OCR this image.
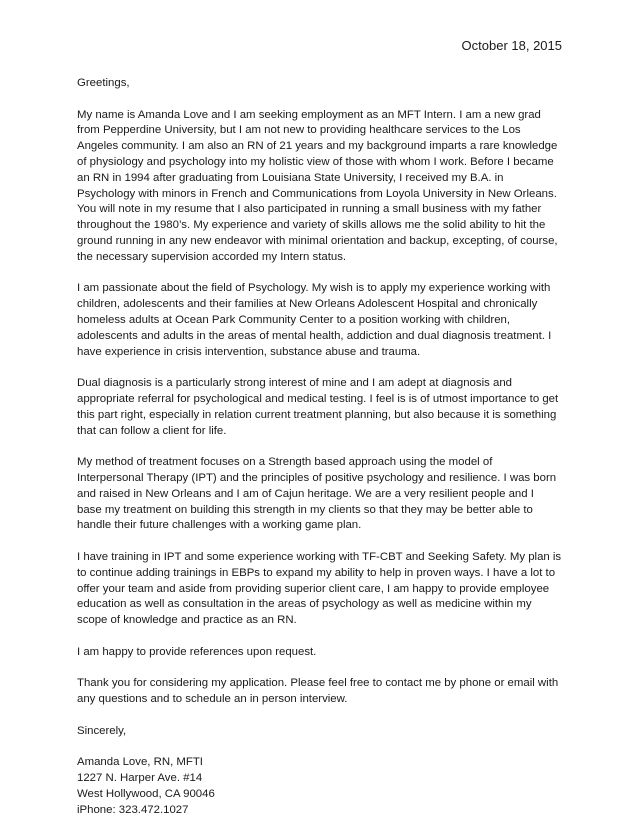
October 18, 2015

Greetings,

My name is Amanda Love and I am seeking employment as an MFT Intern. I am a new grad
from Pepperdine University, but I am not new to providing healthcare services to the Los
Angeles community. I am also an RN of 21 years and my background imparts a rare knowledge
of physiology and psychology into my holistic view of those with whom I work. Before I became
an RN in 1994 after graduating from Louisiana State University, I received my B.A. in
Psychology with minors in French and Communications from Loyola University in New Orleans.
You will note in my resume that I also participated in running a small business with my father
throughout the 1980’s. My experience and variety of skills allows me the solid ability to hit the
ground running in any new endeavor with minimal orientation and backup, excepting, of course,
the necessary supervision accorded my Intern status.

I am passionate about the field of Psychology. My wish is to apply my experience working with
children, adolescents and their families at New Orleans Adolescent Hospital and chronically
homeless adults at Ocean Park Community Center to a position working with children,
adolescents and adults in the areas of mental health, addiction and dual diagnosis treatment. I
have experience in crisis intervention, substance abuse and trauma.

Dual diagnosis is a particularly strong interest of mine and I am adept at diagnosis and
appropriate referral for psychological and medical testing. I feel is is of utmost importance to get
this part right, especially in relation current treatment planning, but also because it is something
that can follow a client for life.

My method of treatment focuses on a Strength based approach using the model of
Interpersonal Therapy (IPT) and the principles of positive psychology and resilience. I was born
and raised in New Orleans and I am of Cajun heritage. We are a very resilient people and I
base my treatment on building this strength in my clients so that they may be better able to
handle their future challenges with a working game plan.

I have training in IPT and some experience working with TF-CBT and Seeking Safety. My plan is
to continue adding trainings in EBPs to expand my ability to help in proven ways. I have a lot to
offer your team and aside from providing superior client care, I am happy to provide employee
education as well as consultation in the areas of psychology as well as medicine within my
scope of knowledge and practice as an RN.

I am happy to provide references upon request.

Thank you for considering my application. Please feel free to contact me by phone or email with
any questions and to schedule an in person interview.

Sincerely,

Amanda Love, RN, MFTI
1227 N. Harper Ave. #14
West Hollywood, CA 90046
iPhone: 323.472.1027
